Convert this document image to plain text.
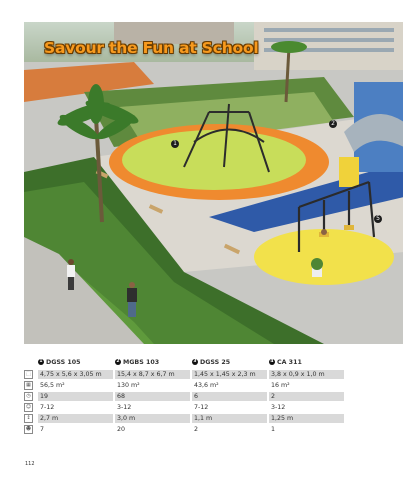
Savour the Fun at School
1
2
5
	1 DGSS 105		2 MGBS 103		3 DGSS 25		4 CA 311
⬚	4,75 x 5,6 x 3,05 m		15,4 x 8,7 x 6,7 m		1,45 x 1,45 x 2,3 m		3,8 x 0,9 x 1,0 m
▦	56,5 m²		130 m²		43,6 m²		16 m²
◷	19		68		6		2
☺	7-12		3-12		7-12		3-12
↕	2,7 m		3,0 m		1,1 m		1,25 m
☻	7		20		2		1
112
